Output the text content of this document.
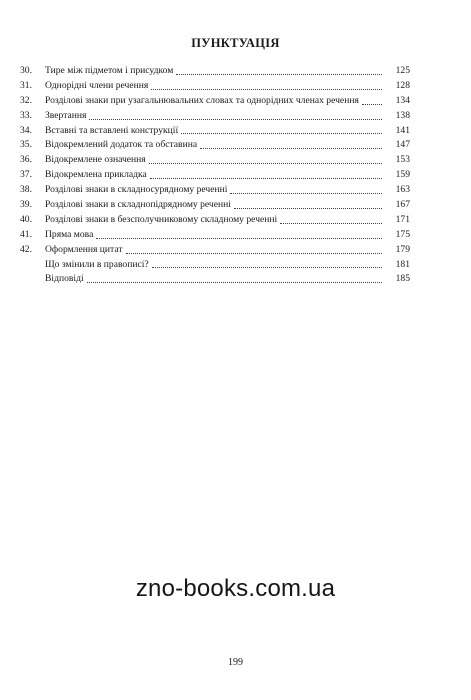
ПУНКТУАЦІЯ
30.	Тире між підметом і присудком	125
31.	Однорідні члени речення	128
32.	Розділові знаки при узагальнювальних словах та однорідних членах речення	134
33.	Звертання	138
34.	Вставні та вставлені конструкції	141
35.	Відокремлений додаток та обставина	147
36.	Відокремлене означення	153
37.	Відокремлена прикладка	159
38.	Розділові знаки в складносурядному реченні	163
39.	Розділові знаки в складнопідрядному реченні	167
40.	Розділові знаки в безсполучниковому складному реченні	171
41.	Пряма мова	175
42.	Оформлення цитат	179
Що змінили в правописі?	181
Відповіді	185
zno-books.com.ua
199
